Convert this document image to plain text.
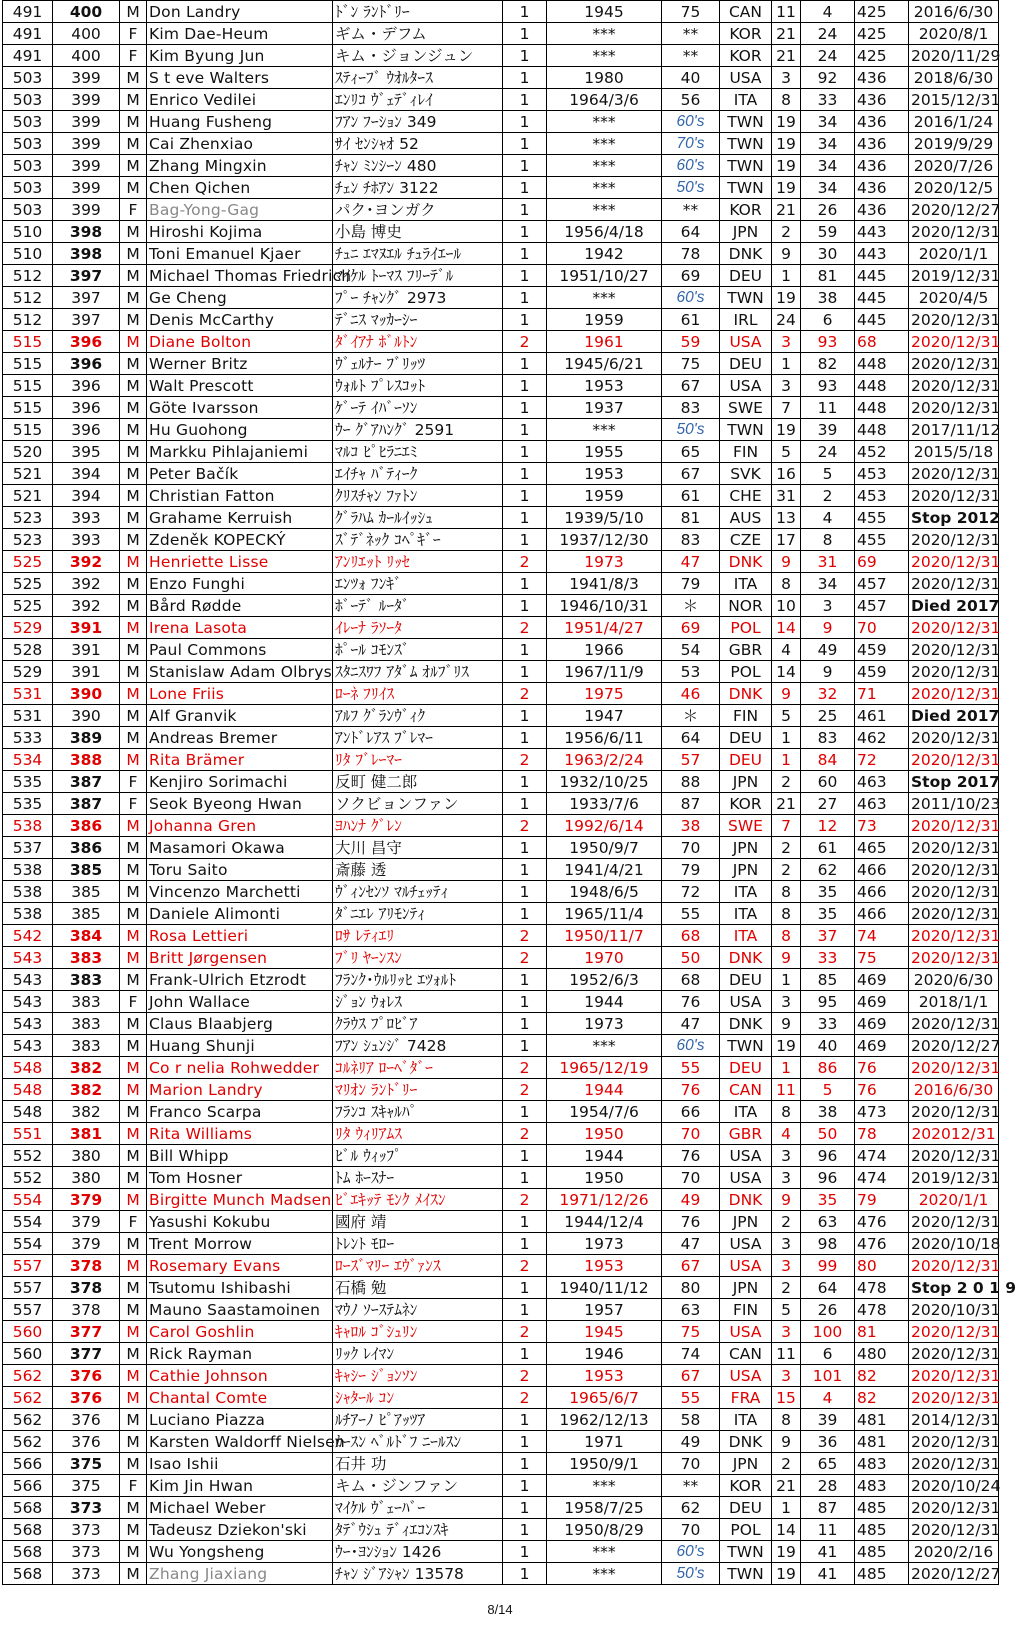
491	400	M	Don Landry	ﾄﾞﾝ ﾗﾝﾄﾞﾘｰ	1	1945	75	CAN	11	4	425	2016/6/30
491	400	F	Kim Dae-Heum	ギム・デフム	1	***	**	KOR	21	24	425	2020/8/1
491	400	F	Kim Byung Jun	キム・ジョンジュン	1	***	**	KOR	21	24	425	2020/11/29
503	399	M	S t eve Walters	ｽﾃｨｰﾌﾞ ｳｵﾙﾀｰｽ	1	1980	40	USA	3	92	436	2018/6/30
503	399	M	Enrico Vedilei	ｴﾝﾘｺ ｳﾞｪﾃﾞｨﾚｲ	1	1964/3/6	56	ITA	8	33	436	2015/12/31
503	399	M	Huang Fusheng	ﾌｱﾝ ﾌｰｼｮﾝ 349	1	***	60's	TWN	19	34	436	2016/1/24
503	399	M	Cai Zhenxiao	ｻｲ ｾﾝｼｬｵ 52	1	***	70's	TWN	19	34	436	2019/9/29
503	399	M	Zhang Mingxin	ﾁｬﾝ ﾐﾝｼｰﾝ 480	1	***	60's	TWN	19	34	436	2020/7/26
503	399	M	Chen Qichen	ﾁｪﾝ ﾁﾎｱﾝ 3122	1	***	50's	TWN	19	34	436	2020/12/5
503	399	F	Bag-Yong-Gag	パク･ヨンガク	1	***	**	KOR	21	26	436	2020/12/27
510	398	M	Hiroshi Kojima	小島 博史	1	1956/4/18	64	JPN	2	59	443	2020/12/31
510	398	M	Toni Emanuel Kjaer	ﾁｭﾆ ｴﾏﾇｴﾙ ﾁｭﾗｲｴｰﾙ	1	1942	78	DNK	9	30	443	2020/1/1
512	397	M	Michael Thomas Friedrich	ﾏｲｹﾙ ﾄｰﾏｽ ﾌﾘｰﾃﾞﾙ	1	1951/10/27	69	DEU	1	81	445	2019/12/31
512	397	M	Ge Cheng	ﾌﾟｰ ﾁｬﾝｸﾞ 2973	1	***	60's	TWN	19	38	445	2020/4/5
512	397	M	Denis McCarthy	ﾃﾞﾆｽ ﾏｯｶｰｼｰ	1	1959	61	IRL	24	6	445	2020/12/31
515	396	M	Diane Bolton	ﾀﾞｲｱﾅ ﾎﾞﾙﾄﾝ	2	1961	59	USA	3	93	68	2020/12/31
515	396	M	Werner Britz	ｳﾞｪﾙﾅｰ ﾌﾞﾘｯﾂ	1	1945/6/21	75	DEU	1	82	448	2020/12/31
515	396	M	Walt Prescott	ｳｫﾙﾄ ﾌﾟﾚｽｺｯﾄ	1	1953	67	USA	3	93	448	2020/12/31
515	396	M	Göte Ivarsson	ｹﾞｰﾃ ｲﾊﾞｰｿﾝ	1	1937	83	SWE	7	11	448	2020/12/31
515	396	M	Hu Guohong	ｳｰ ｸﾞｱﾊﾝｸﾞ 2591	1	***	50's	TWN	19	39	448	2017/11/12
520	395	M	Markku Pihlajaniemi	ﾏﾙｺ ﾋﾟﾋﾗﾆｴﾐ	1	1955	65	FIN	5	24	452	2015/5/18
521	394	M	Peter Bačík	ｴｲﾁｬ ﾊﾞﾃｨｰｸ	1	1953	67	SVK	16	5	453	2020/12/31
521	394	M	Christian Fatton	ｸﾘｽﾁｬﾝ ﾌｧﾄﾝ	1	1959	61	CHE	31	2	453	2020/12/31
523	393	M	Grahame Kerruish	ｸﾞﾗﾊﾑ ｶｰﾙｲｯｼｭ	1	1939/5/10	81	AUS	13	4	455	Stop 2012
523	393	M	Zdeněk KOPECKÝ	ｽﾞﾃﾞﾈｯｸ ｺﾍﾟｷﾞｰ	1	1937/12/30	83	CZE	17	8	455	2020/12/31
525	392	M	Henriette Lisse	ｱﾝﾘｴｯﾄ ﾘｯｾ	2	1973	47	DNK	9	31	69	2020/12/31
525	392	M	Enzo Funghi	ｴﾝﾂｫ ﾌﾝｷﾞ	1	1941/8/3	79	ITA	8	34	457	2020/12/31
525	392	M	Bård Rødde	ﾎﾞｰﾃﾞ ﾙｰﾀﾞ	1	1946/10/31	＊	NOR	10	3	457	Died 2017
529	391	M	Irena Lasota	ｲﾚｰﾅ ﾗｿｰﾀ	2	1951/4/27	69	POL	14	9	70	2020/12/31
528	391	M	Paul Commons	ﾎﾟｰﾙ ｺﾓﾝｽﾞ	1	1966	54	GBR	4	49	459	2020/12/31
529	391	M	Stanislaw Adam Olbrys	ｽﾀﾆｽﾜﾌ ｱﾀﾞﾑ ｵﾙﾌﾞﾘｽ	1	1967/11/9	53	POL	14	9	459	2020/12/31
531	390	M	Lone Friis	ﾛｰﾈ ﾌﾘｲｽ	2	1975	46	DNK	9	32	71	2020/12/31
531	390	M	Alf Granvik	ｱﾙﾌ ｸﾞﾗﾝｳﾞｨｸ	1	1947	＊	FIN	5	25	461	Died 2017
533	389	M	Andreas Bremer	ｱﾝﾄﾞﾚｱｽ ﾌﾞﾚﾏｰ	1	1956/6/11	64	DEU	1	83	462	2020/12/31
534	388	M	Rita Brämer	ﾘﾀ ﾌﾞﾚｰﾏｰ	2	1963/2/24	57	DEU	1	84	72	2020/12/31
535	387	F	Kenjiro Sorimachi	反町 健二郎	1	1932/10/25	88	JPN	2	60	463	Stop 2017
535	387	F	Seok Byeong Hwan	ソクビョンファン	1	1933/7/6	87	KOR	21	27	463	2011/10/23
538	386	M	Johanna Gren	ﾖﾊﾝﾅ ｸﾞﾚﾝ	2	1992/6/14	38	SWE	7	12	73	2020/12/31
537	386	M	Masamori Okawa	大川 昌守	1	1950/9/7	70	JPN	2	61	465	2020/12/31
538	385	M	Toru Saito	斎藤 透	1	1941/4/21	79	JPN	2	62	466	2020/12/31
538	385	M	Vincenzo Marchetti	ｳﾞｨﾝｾﾝｿ ﾏﾙﾁｪｯﾃｨ	1	1948/6/5	72	ITA	8	35	466	2020/12/31
538	385	M	Daniele Alimonti	ﾀﾞﾆｴﾚ ｱﾘﾓﾝﾃｨ	1	1965/11/4	55	ITA	8	35	466	2020/12/31
542	384	M	Rosa Lettieri	ﾛｻ ﾚﾃｨｴﾘ	2	1950/11/7	68	ITA	8	37	74	2020/12/31
543	383	M	Britt Jørgensen	ﾌﾞﾘ ﾔｰﾝｽﾝ	2	1970	50	DNK	9	33	75	2020/12/31
543	383	M	Frank-Ulrich Etzrodt	ﾌﾗﾝｸ･ｳﾙﾘｯﾋ ｴﾂｫﾙﾄ	1	1952/6/3	68	DEU	1	85	469	2020/6/30
543	383	F	John Wallace	ｼﾞｮﾝ ｳｫﾚｽ	1	1944	76	USA	3	95	469	2018/1/1
543	383	M	Claus Blaabjerg	ｸﾗｳｽ ﾌﾟﾛﾋﾞｱ	1	1973	47	DNK	9	33	469	2020/12/31
543	383	M	Huang Shunji	ﾌｱﾝ ｼｭﾝｼﾞ 7428	1	***	60's	TWN	19	40	469	2020/12/27
548	382	M	Co r nelia Rohwedder	ｺﾙﾈﾘｱ ﾛｰﾍﾞﾀﾞｰ	2	1965/12/19	55	DEU	1	86	76	2020/12/31
548	382	M	Marion Landry	ﾏﾘｵﾝ ﾗﾝﾄﾞﾘｰ	2	1944	76	CAN	11	5	76	2016/6/30
548	382	M	Franco Scarpa	ﾌﾗﾝｺ ｽｷｬﾙﾊﾟ	1	1954/7/6	66	ITA	8	38	473	2020/12/31
551	381	M	Rita Williams	ﾘﾀ ｳｨﾘｱﾑｽ	2	1950	70	GBR	4	50	78	202012/31
552	380	M	Bill Whipp	ﾋﾞﾙ ｳｨｯﾌﾟ	1	1944	76	USA	3	96	474	2020/12/31
552	380	M	Tom Hosner	ﾄﾑ ﾎｰｽﾅｰ	1	1950	70	USA	3	96	474	2019/12/31
554	379	M	Birgitte Munch Madsen	ﾋﾞｴｷｯﾃ ﾓﾝｸ ﾒｲｽﾝ	2	1971/12/26	49	DNK	9	35	79	2020/1/1
554	379	F	Yasushi Kokubu	國府 靖	1	1944/12/4	76	JPN	2	63	476	2020/12/31
554	379	M	Trent Morrow	ﾄﾚﾝﾄ ﾓﾛｰ	1	1973	47	USA	3	98	476	2020/10/18
557	378	M	Rosemary Evans	ﾛｰｽﾞﾏﾘｰ ｴｳﾞｧﾝｽ	2	1953	67	USA	3	99	80	2020/12/31
557	378	M	Tsutomu Ishibashi	石橋 勉	1	1940/11/12	80	JPN	2	64	478	Stop 2 0 1 9
557	378	M	Mauno Saastamoinen	ﾏｳﾉ ｿｰｽﾃﾑﾈﾝ	1	1957	63	FIN	5	26	478	2020/10/31
560	377	M	Carol Goshlin	ｷｬﾛﾙ ｺﾞｼｭﾘﾝ	2	1945	75	USA	3	100	81	2020/12/31
560	377	M	Rick Rayman	ﾘｯｸ ﾚｲﾏﾝ	1	1946	74	CAN	11	6	480	2020/12/31
562	376	M	Cathie Johnson	ｷｬｼｰ ｼﾞｮﾝｿﾝ	2	1953	67	USA	3	101	82	2020/12/31
562	376	M	Chantal Comte	ｼｬﾀｰﾙ ｺﾝ	2	1965/6/7	55	FRA	15	4	82	2020/12/31
562	376	M	Luciano Piazza	ﾙﾁｱｰﾉ ﾋﾟｱｯﾂｱ	1	1962/12/13	58	ITA	8	39	481	2014/12/31
562	376	M	Karsten Waldorff Nielsen	ｶｰｽﾝ ﾍﾞﾙﾄﾞﾌ ﾆｰﾙｽﾝ	1	1971	49	DNK	9	36	481	2020/12/31
566	375	M	Isao Ishii	石井 功	1	1950/9/1	70	JPN	2	65	483	2020/12/31
566	375	F	Kim Jin Hwan	キム・ジンファン	1	***	**	KOR	21	28	483	2020/10/24
568	373	M	Michael Weber	ﾏｲｹﾙ ｳﾞｪｰﾊﾞｰ	1	1958/7/25	62	DEU	1	87	485	2020/12/31
568	373	M	Tadeusz Dziekon'ski	ﾀﾃﾞｳｼｭ ﾃﾞｨｴｺﾝｽｷ	1	1950/8/29	70	POL	14	11	485	2020/12/31
568	373	M	Wu Yongsheng	ｳｰ･ﾖﾝｼｮﾝ 1426	1	***	60's	TWN	19	41	485	2020/2/16
568	373	M	Zhang Jiaxiang	ﾁｬﾝ ｼﾞｱｼｬﾝ 13578	1	***	50's	TWN	19	41	485	2020/12/27
8/14
